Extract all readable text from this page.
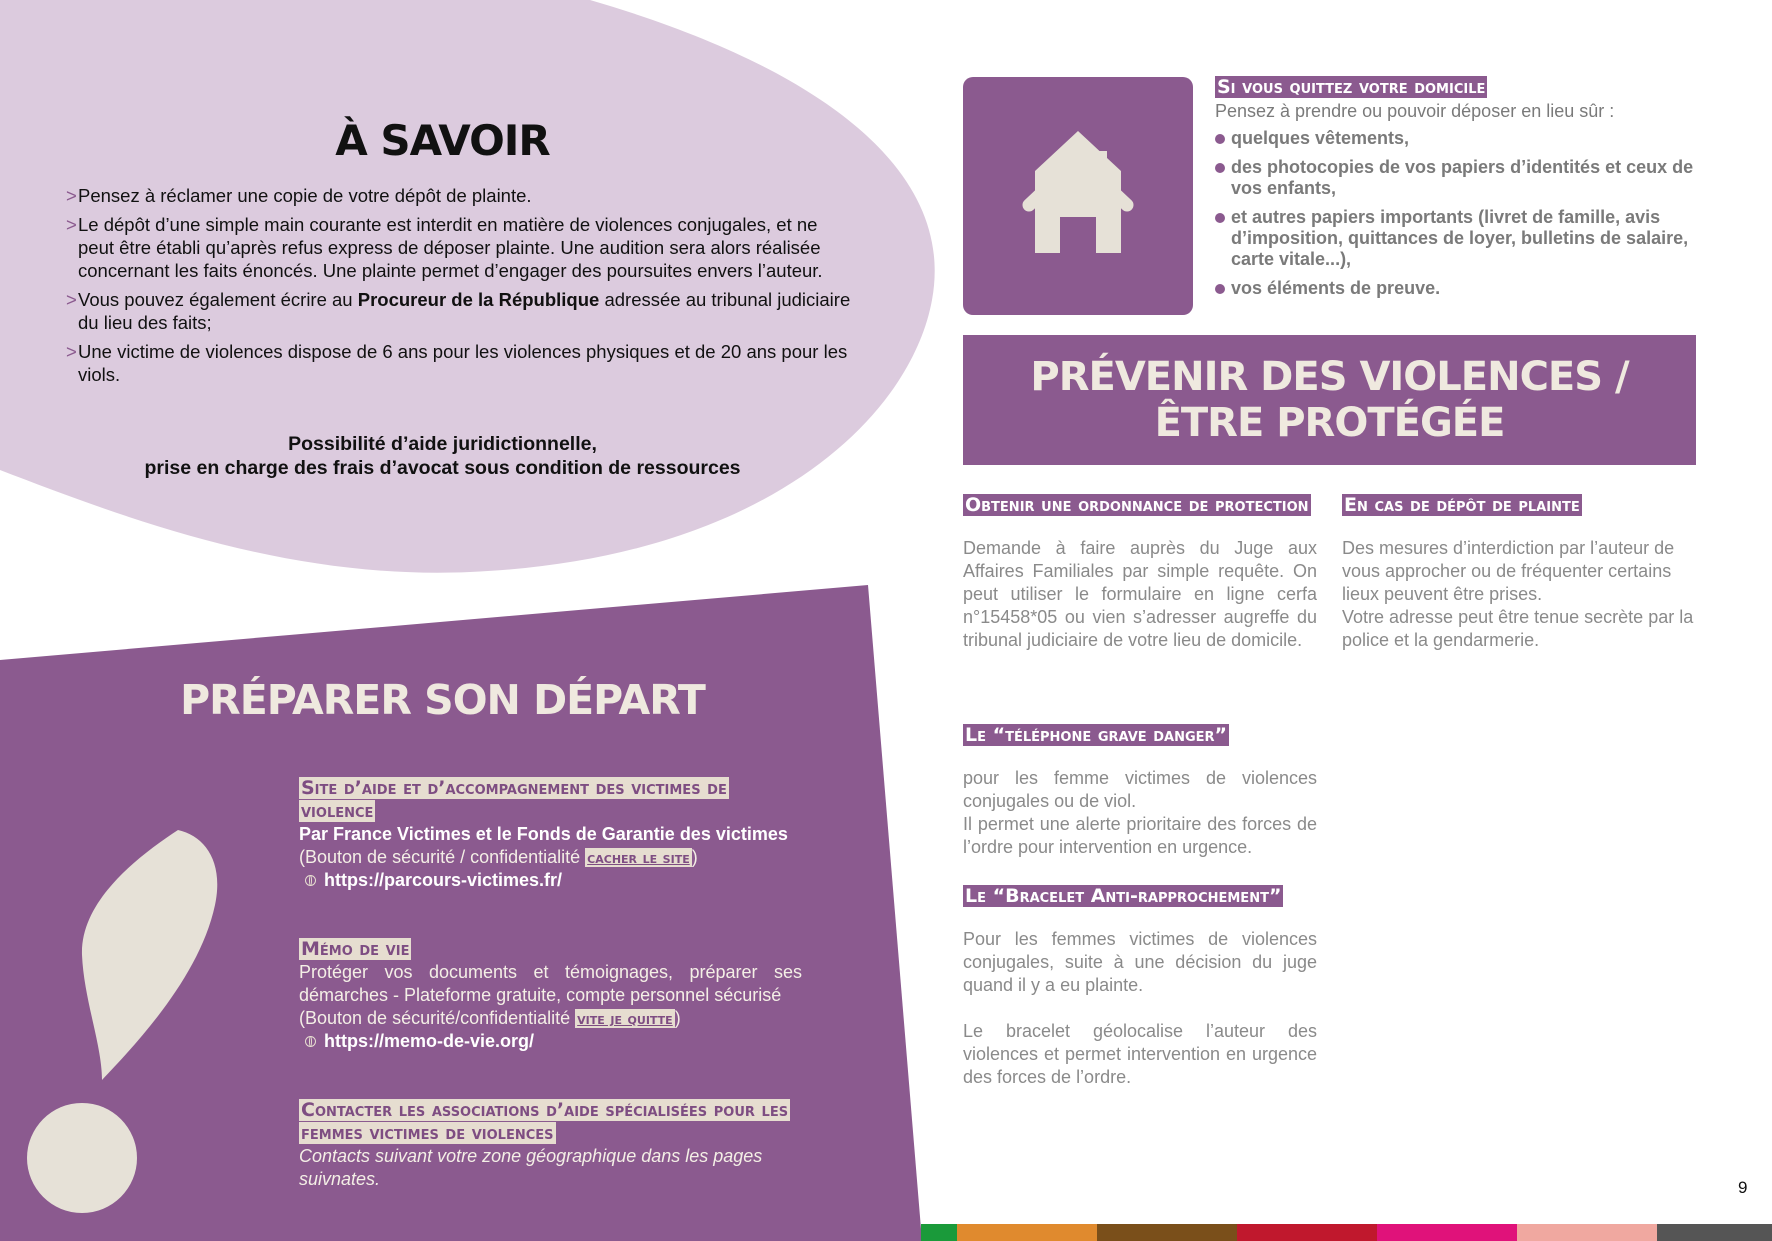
À SAVOIR
> Pensez à réclamer une copie de votre dépôt de plainte.
> Le dépôt d’une simple main courante est interdit en matière de violences conjugales, et ne peut être établi qu’après refus express de déposer plainte. Une audition sera alors réalisée concernant les faits énoncés. Une plainte permet d’engager des poursuites envers l’auteur.
> Vous pouvez également écrire au Procureur de la République adressée au tribunal judiciaire du lieu des faits;
> Une victime de violences dispose de 6 ans pour les violences physiques et de 20 ans pour les viols.

Possibilité d’aide juridictionnelle,
prise en charge des frais d’avocat sous condition de ressources

PRÉPARER SON DÉPART

Site d’aide et d’accompagnement des victimes de violence

Par France Victimes et le Fonds de Garantie des victimes
(Bouton de sécurité / confidentialité cacher le site )
https://parcours-victimes.fr/

Mémo de vie

Protéger vos documents et témoignages, préparer ses démarches - Plateforme gratuite, compte personnel sécurisé
(Bouton de sécurité/confidentialité vite je quitte )
https://memo-de-vie.org/

Contacter les associations d’aide spécialisées pour les femmes victimes de violences

Contacts suivant votre zone géographique dans les pages suivnates.

Si vous quittez votre domicile

Pensez à prendre ou pouvoir déposer en lieu sûr :
quelques vêtements,
des photocopies de vos papiers d’identités et ceux de vos enfants,
et autres papiers importants (livret de famille, avis d’imposition, quittances de loyer, bulletins de salaire, carte vitale...),
vos éléments de preuve.
PRÉVENIR DES VIOLENCES /
ÊTRE PROTÉGÉE

Obtenir une ordonnance de protection

Demande à faire auprès du Juge aux Affaires Familiales par simple requête. On peut utiliser le formulaire en ligne cerfa n°15458*05 ou vien s’adresser augreffe du tribunal judiciaire de votre lieu de domicile.

Le “téléphone grave danger”

pour les femme victimes de violences conjugales ou de viol.

Il permet une alerte prioritaire des forces de l’ordre pour intervention en urgence.

Le “Bracelet Anti-rapprochement”

Pour les femmes victimes de violences conjugales, suite à une décision du juge quand il y a eu plainte.

Le bracelet géolocalise l’auteur des violences et permet intervention en urgence des forces de l’ordre.

En cas de dépôt de plainte

Des mesures d’interdiction par l’auteur de vous approcher ou de fréquenter certains lieux peuvent être prises.

Votre adresse peut être tenue secrète par la police et la gendarmerie.

9
